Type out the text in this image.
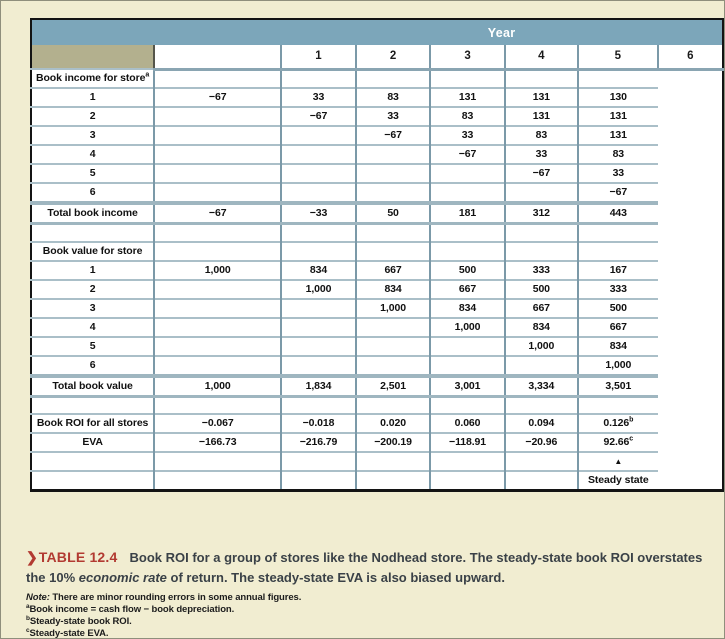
		Year					
		1	2	3	4	5	6
Book income for store$^a$						
1	−67	33	83	131	131	130	
2		−67	33	83	131	131	
3			−67	33	83	131	
4				−67	33	83	
5					−67	33	
6						−67	
Total book income	−67	−33	50	181	312	443	

Book value for store							
1	1,000	834	667	500	333	167	
2		1,000	834	667	500	333	
3			1,000	834	667	500	
4				1,000	834	667	
5					1,000	834	
6						1,000	
Total book value	1,000	1,834	2,501	3,001	3,334	3,501	

Book ROI for all stores	−0.067	−0.018	0.020	0.060	0.094	0.126$^b$
EVA	−166.73	−216.79	−200.19	−118.91	−20.96	92.66$^c$
						▲	
						Steady state	
❯TABLE 12.4 Book ROI for a group of stores like the Nodhead store. The steady-state book ROI overstates the 10% economic rate of return. The steady-state EVA is also biased upward.
Note: There are minor rounding errors in some annual figures.
$^a$Book income = cash flow − book depreciation.
$^b$Steady-state book ROI.
$^c$Steady-state EVA.
